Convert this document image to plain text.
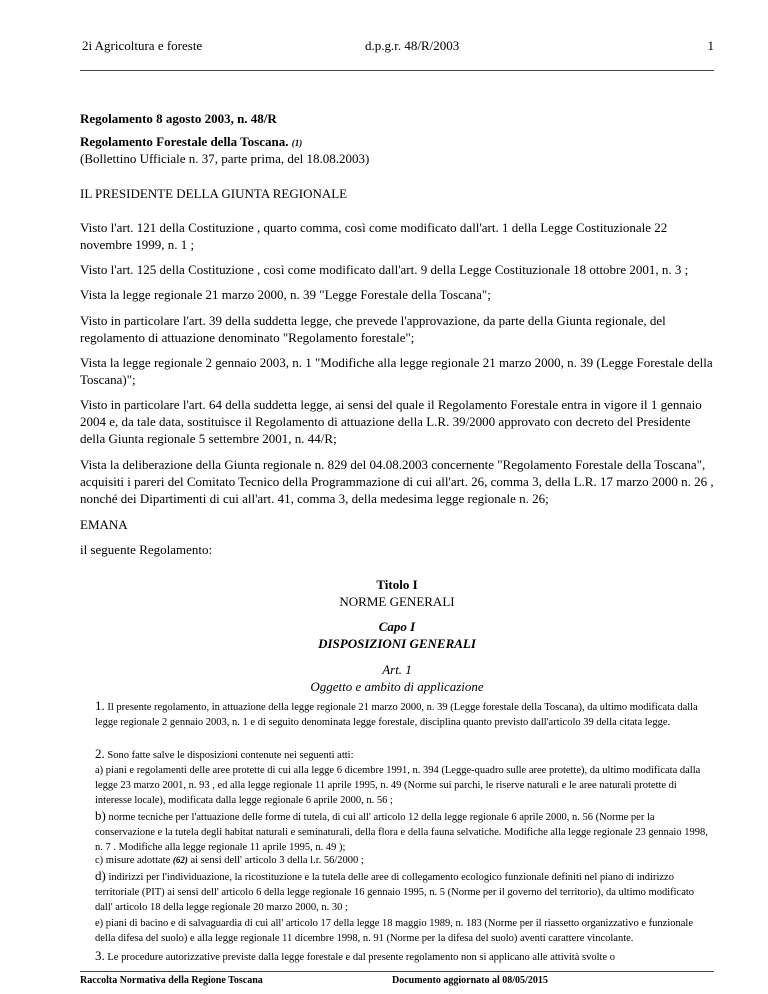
2i Agricoltura e foreste	d.p.g.r. 48/R/2003	1
Regolamento 8 agosto 2003, n. 48/R
Regolamento Forestale della Toscana. (1)
(Bollettino Ufficiale n. 37, parte prima, del 18.08.2003)
IL PRESIDENTE DELLA GIUNTA REGIONALE
Visto l'art. 121 della Costituzione , quarto comma, così come modificato dall'art. 1 della Legge Costituzionale 22 novembre 1999, n. 1 ;
Visto l'art. 125 della Costituzione , così come modificato dall'art. 9 della Legge Costituzionale 18 ottobre 2001, n. 3 ;
Vista la legge regionale 21 marzo 2000, n. 39 "Legge Forestale della Toscana";
Visto in particolare l'art. 39 della suddetta legge, che prevede l'approvazione, da parte della Giunta regionale, del regolamento di attuazione denominato "Regolamento forestale";
Vista la legge regionale 2 gennaio 2003, n. 1 "Modifiche alla legge regionale 21 marzo 2000, n. 39 (Legge Forestale della Toscana)";
Visto in particolare l'art. 64 della suddetta legge, ai sensi del quale il Regolamento Forestale entra in vigore il 1 gennaio 2004 e, da tale data, sostituisce il Regolamento di attuazione della L.R. 39/2000 approvato con decreto del Presidente della Giunta regionale 5 settembre 2001, n. 44/R;
Vista la deliberazione della Giunta regionale n. 829 del 04.08.2003 concernente "Regolamento Forestale della Toscana", acquisiti i pareri del Comitato Tecnico della Programmazione di cui all'art. 26, comma 3, della L.R. 17 marzo 2000 n. 26 , nonché dei Dipartimenti di cui all'art. 41, comma 3, della medesima legge regionale n. 26;
EMANA
il seguente Regolamento:
Titolo I
NORME GENERALI
Capo I
DISPOSIZIONI GENERALI
Art. 1
Oggetto e ambito di applicazione

1. Il presente regolamento, in attuazione della legge regionale 21 marzo 2000, n. 39 (Legge forestale della Toscana), da ultimo modificata dalla legge regionale 2 gennaio 2003, n. 1 e di seguito denominata legge forestale, disciplina quanto previsto dall'articolo 39 della citata legge.

2. Sono fatte salve le disposizioni contenute nei seguenti atti:

a) piani e regolamenti delle aree protette di cui alla legge 6 dicembre 1991, n. 394 (Legge-quadro sulle aree protette), da ultimo modificata dalla legge 23 marzo 2001, n. 93 , ed alla legge regionale 11 aprile 1995, n. 49 (Norme sui parchi, le riserve naturali e le aree naturali protette di interesse locale), modificata dalla legge regionale 6 aprile 2000, n. 56 ;

b) norme tecniche per l'attuazione delle forme di tutela, di cui all' articolo 12 della legge regionale 6 aprile 2000, n. 56 (Norme per la conservazione e la tutela degli habitat naturali e seminaturali, della flora e della fauna selvatiche. Modifiche alla legge regionale 23 gennaio 1998, n. 7 . Modifiche alla legge regionale 11 aprile 1995, n. 49 );

c) misure adottate (62) ai sensi dell' articolo 3 della l.r. 56/2000 ;

d) indirizzi per l'individuazione, la ricostituzione e la tutela delle aree di collegamento ecologico funzionale definiti nel piano di indirizzo territoriale (PIT) ai sensi dell' articolo 6 della legge regionale 16 gennaio 1995, n. 5 (Norme per il governo del territorio), da ultimo modificato dall' articolo 18 della legge regionale 20 marzo 2000, n. 30 ;

e) piani di bacino e di salvaguardia di cui all' articolo 17 della legge 18 maggio 1989, n. 183 (Norme per il riassetto organizzativo e funzionale della difesa del suolo) e alla legge regionale 11 dicembre 1998, n. 91 (Norme per la difesa del suolo) aventi carattere vincolante.

Raccolta Normativa della Regione Toscana	Documento aggiornato al 08/05/2015

3. Le procedure autorizzative previste dalla legge forestale e dal presente regolamento non si applicano alle attività svolte o
